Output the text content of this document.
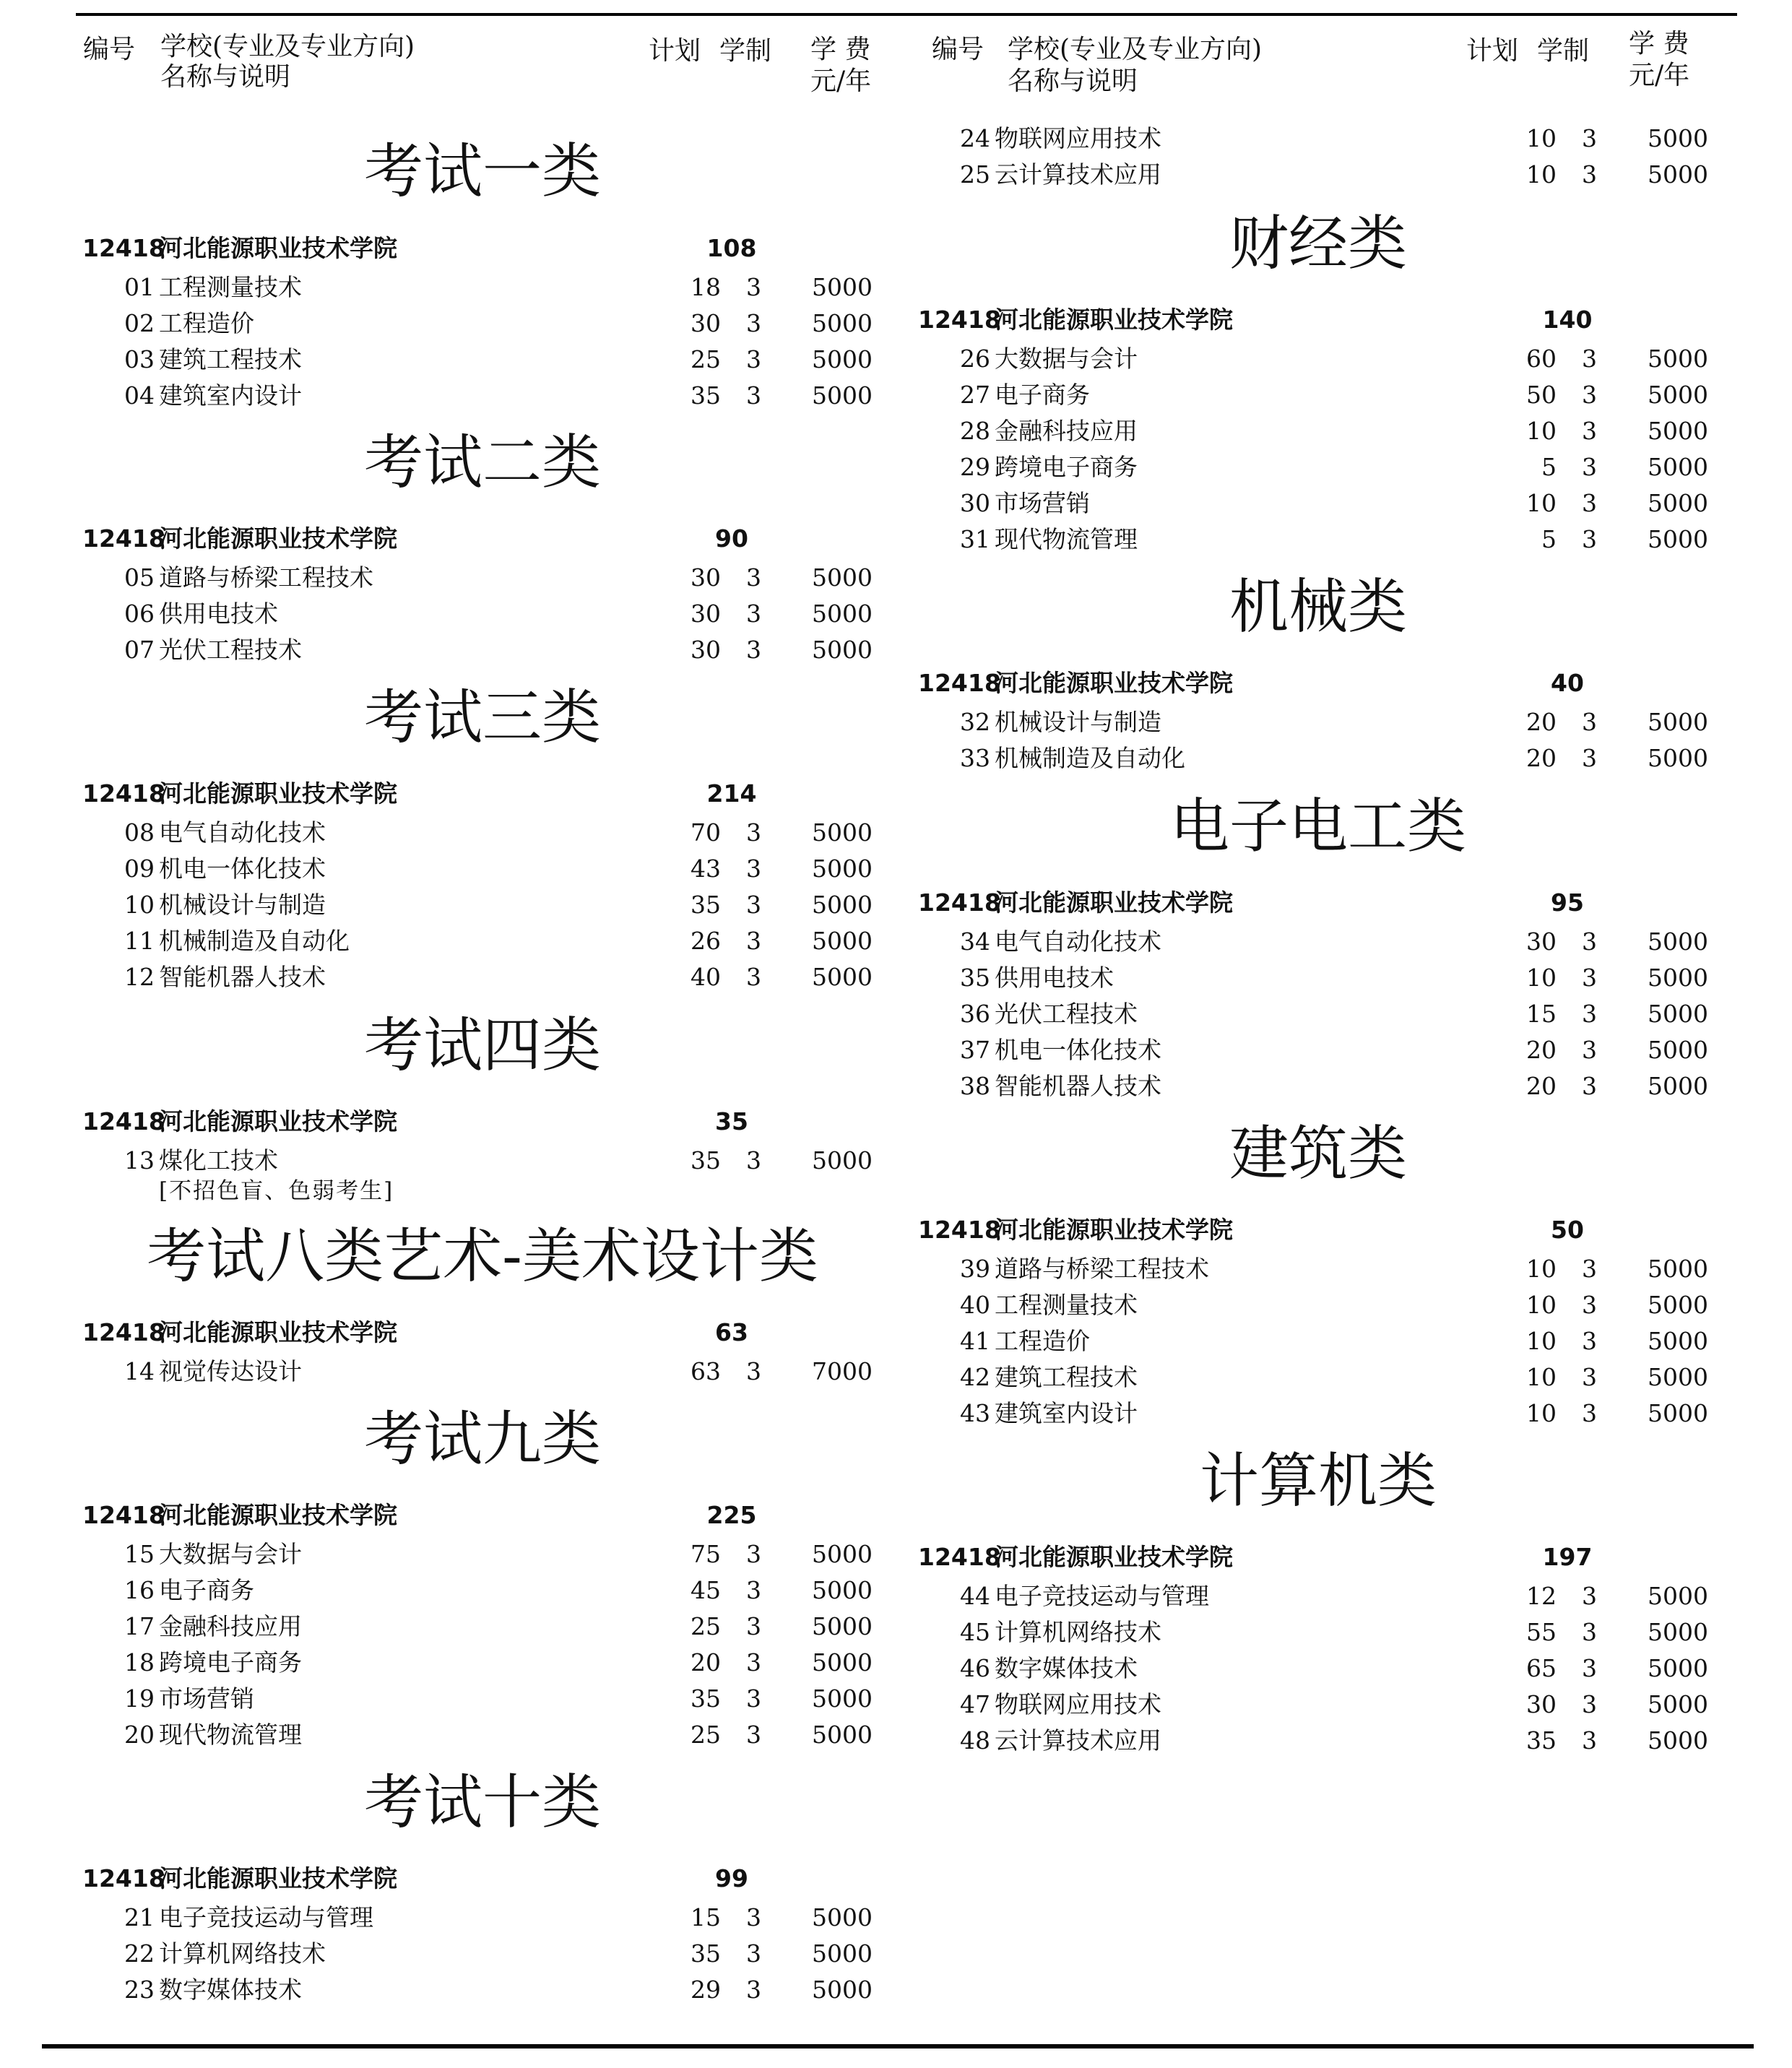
编号 学校(专业及专业方向)
名称与说明
计划 学制 学 费
元/年
编号 学校(专业及专业方向)
名称与说明
计划 学制 学 费
元/年
考试一类
12418
河北能源职业技术学院	108
01 工程测量技术	18 3	5000
02 工程造价	30 3	5000
03 建筑工程技术	25 3	5000
04 建筑室内设计	35 3	5000
考试二类
12418
河北能源职业技术学院	90
05 道路与桥梁工程技术	30 3	5000
06 供用电技术	30 3	5000
07 光伏工程技术	30 3	5000
考试三类
12418
河北能源职业技术学院	214
08 电气自动化技术	70 3	5000
09 机电一体化技术	43 3	5000
10 机械设计与制造	35 3	5000
11 机械制造及自动化	26 3	5000
12 智能机器人技术	40 3	5000
考试四类
12418
河北能源职业技术学院	35
13 煤化工技术	35 3	5000
[不招色盲、色弱考生]
考试八类艺术-美术设计类
12418
河北能源职业技术学院	63
14 视觉传达设计	63 3	7000
考试九类
12418
河北能源职业技术学院	225
15 大数据与会计	75 3	5000
16 电子商务	45 3	5000
17 金融科技应用	25 3	5000
18 跨境电子商务	20 3	5000
19 市场营销	35 3	5000
20 现代物流管理	25 3	5000
考试十类
12418
河北能源职业技术学院	99
21 电子竞技运动与管理	15 3	5000
22 计算机网络技术	35 3	5000
23 数字媒体技术	29 3	5000
24 物联网应用技术	10 3	5000
25 云计算技术应用	10 3	5000
财经类
12418
河北能源职业技术学院	140
26 大数据与会计	60 3	5000
27 电子商务	50 3	5000
28 金融科技应用	10 3	5000
29 跨境电子商务	5 3	5000
30 市场营销	10 3	5000
31 现代物流管理	5 3	5000
机械类
12418
河北能源职业技术学院	40
32 机械设计与制造	20 3	5000
33 机械制造及自动化	20 3	5000
电子电工类
12418
河北能源职业技术学院	95
34 电气自动化技术	30 3	5000
35 供用电技术	10 3	5000
36 光伏工程技术	15 3	5000
37 机电一体化技术	20 3	5000
38 智能机器人技术	20 3	5000
建筑类
12418
河北能源职业技术学院	50
39 道路与桥梁工程技术	10 3	5000
40 工程测量技术	10 3	5000
41 工程造价	10 3	5000
42 建筑工程技术	10 3	5000
43 建筑室内设计	10 3	5000
计算机类
12418
河北能源职业技术学院	197
44 电子竞技运动与管理	12 3	5000
45 计算机网络技术	55 3	5000
46 数字媒体技术	65 3	5000
47 物联网应用技术	30 3	5000
48 云计算技术应用	35 3	5000
